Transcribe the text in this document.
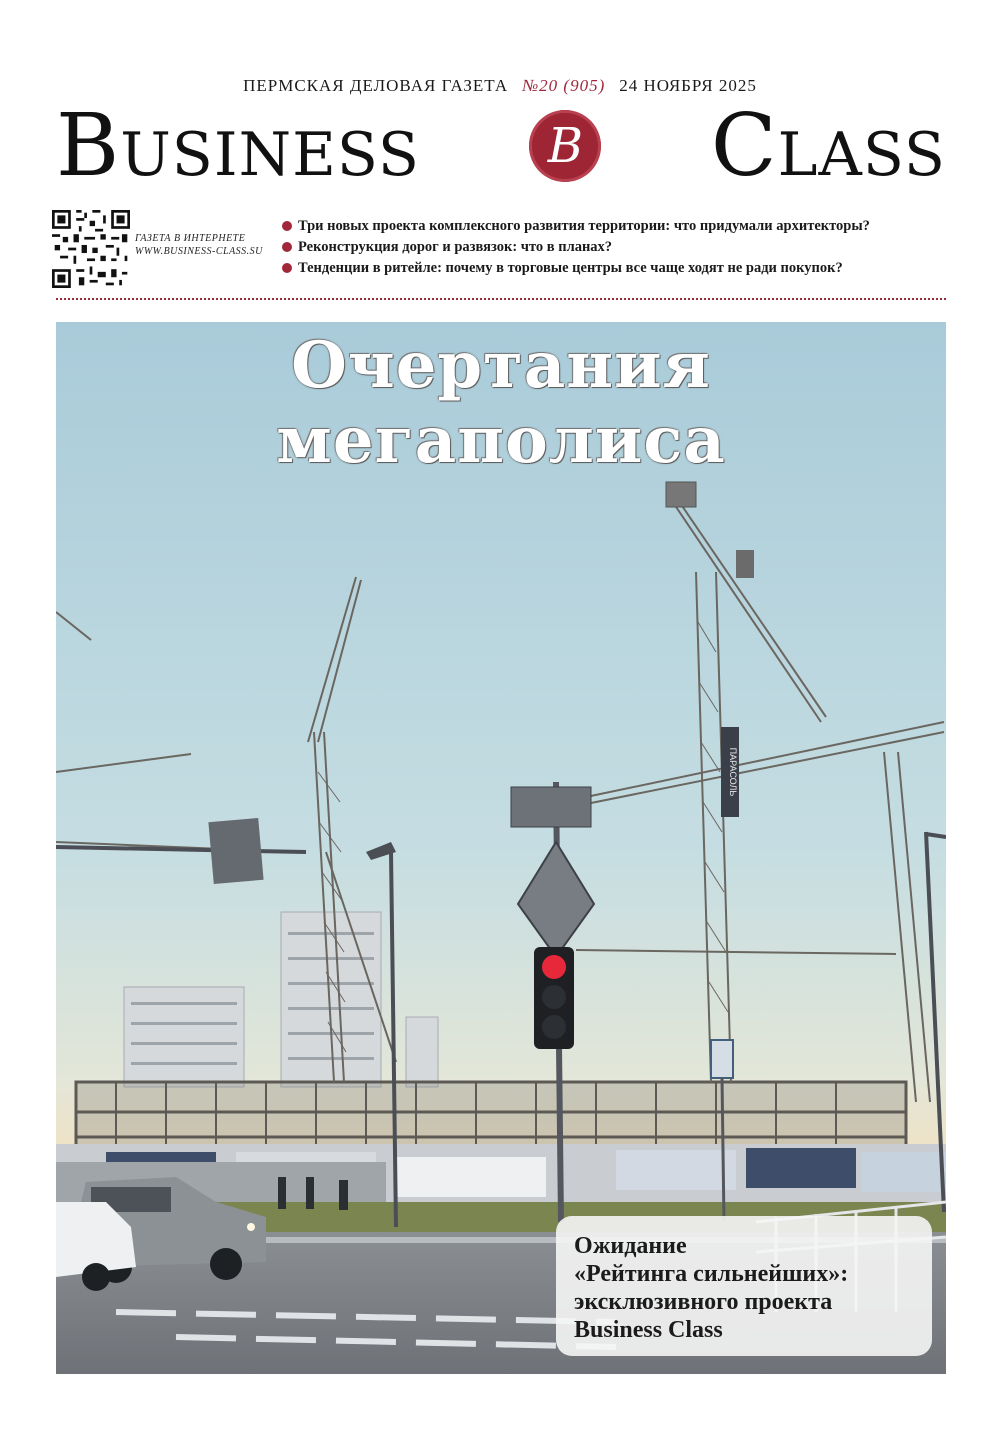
ПЕРМСКАЯ ДЕЛОВАЯ ГАЗЕТА №20 (905) 24 НОЯБРЯ 2025
Business	B Class
ГАЗЕТА В ИНТЕРНЕТЕ
WWW.BUSINESS-CLASS.SU
Три новых проекта комплексного развития территории: что придумали архитекторы?
Реконструкция дорог и развязок: что в планах?
Тенденции в ритейле: почему в торговые центры все чаще ходят не ради покупок?
ПАРАСОЛЬ
Очертания мегаполиса
Ожидание
«Рейтинга сильнейших»:
эксклюзивного проекта
Business Class
